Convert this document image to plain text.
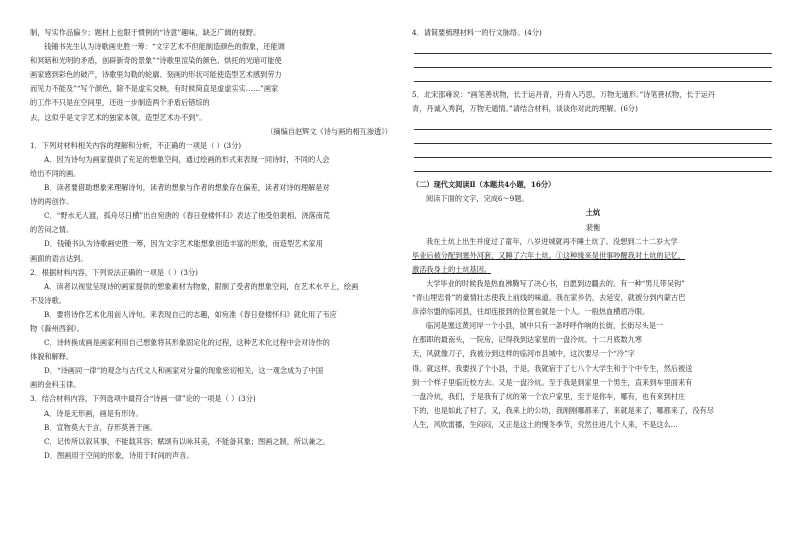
制，写实作品偏少；题材上也限于惯例的“诗意”趣味，缺乏广阔的视野。

钱锺书先生认为诗歌画史胜一筹：“文字艺术不但能制造颜色的假象，还能调

和冥暗和光明的矛盾，创辟新奇的景象”“诗歌里渲染的颜色、烘托的光暗可能使

画家感到彩色的破产，诗歌里勾勒的轮廓、刻画的形状可能使造型艺术感到劳力

而见力不能及”“写个颜色，除不是虚实交映，有时候简直是虚虚实实……”画家

的工作不只是在空间里，还进一步制造两个矛盾后错综的

去，这似乎是文字艺术的独家本领，造型艺术办不到”。

（摘编自赵辉文《诗与画的相互渗透》）

1．下列对材料相关内容的理解和分析，不正确的一项是（ ）(3分)

A．因为诗句为画家提供了充足的想象空间，通过绘画的形式来表现一同诗时，不同的人会

给出不同的画。

B．读者要借助想象来理解诗句，读者的想象与作者的想象存在偏差，读者对诗的理解是对

诗的再创作。

C．“野水无人渡，孤舟尽日横”出自宛唐的《春日登楼怀归》表达了他受伯裴相、浇落南荒

的苦闷之情。

D．钱锺书认为诗歌画史胜一筹，因为文字艺术能想象创造丰富的形象，而造型艺术家用

画面的语言达到。

2．根据材料内容，下列说法正确的一项是（ ）(3分)

A．读者以视觉呈现诗的画家提供的想象素材为物象，限制了受者的想象空间，在艺术水平上，绘画

不及诗歌。

B．要将诗作艺术化用前人诗句，来表现自己的志趣，如宛准《春日登楼怀归》就化用了韦应

物《滁州西涧》。

C．诗转换成画是画家利用自己想象将其形象固定化的过程，这种艺术化过程中会对诗作的

体貌和解释。

D．“诗画同一律”的观念与古代文人和画家对分量的现象密切相关，这一观念成为了中国

画的金科玉律。

3．结合材料内容，下列选项中最符合“诗画一律”论的一项是（ ）(3分)

A．诗是无形画，画是有形诗。

B．宣物莫大于言，存形莫善于画。

C．记传所以叙其事，不能载其容；赋颂有以咏其美，不能备其象；图画之制，所以兼之。

D．图画用于空间的形象，诗用于时间的声音。

4．请简要梳理材料一的行文脉络。(4分)

5．北宋邵雍说：“画笔善状物，长于运丹青，丹青入巧思，万物无遁形。”诗笔善状物，长于运丹

青，丹诚入秀润，万物无遁情。”请结合材料，谈谈你对此的理解。(6分)

（二）现代文阅读Ⅱ（本题共4小题，16分）

阅读下面的文字，完成6～9题。

土炕

裴衡

我在土炕上出生并度过了童年，八岁进城就再不睡土炕了。没想到二十二岁大学

毕业后被分配到塞外河套，又睡了六年土炕。①这种缘来是世事吵醒我对土炕的记忆，

激活我身上的土炕基因。

大学毕业的时候我是热血沸腾写了决心书，自愿到边疆去的。有一种“男儿带吴钩”

“青山埋忠骨”的豪情壮志使我上前线的味道。我在家乡仍，去延安，就被分到内蒙古巴

彦淖尔盟的临河县，往却连报到的位置也就是一个人。一般热血横眉冷眼。

临河是塞这黄河岸一个小县，城中只有一条呼呼作响的长街，长街尽头是一

在那即的最南头，一院房，记得我到达家星的一盘冷炕。十二月底数九寒

天，风就像刀子，我被分到这样的临河市县城中，这次要尽一个“冷”字

得。就这样，我要找了个小县，于是，我就宿于了七八个大学生和于个中专生，然后被送

到一个样子里临近校方去。又是一盘冷炕。至于我是到家里一个男生，直来到车里面来有

一盘冷炕，我们，于是我有了炕的第一个农户家里，至于是你车，哪有，也有来到村庄

下的，也是如此了村了，又，我来上的公坊，我刚刚哪都来了，来就是来了，哪都来了，没有尽

人生，风吹雷播，生闷闷，又正是这土的慢冬季节，究然住进几个人来，不是这么...
